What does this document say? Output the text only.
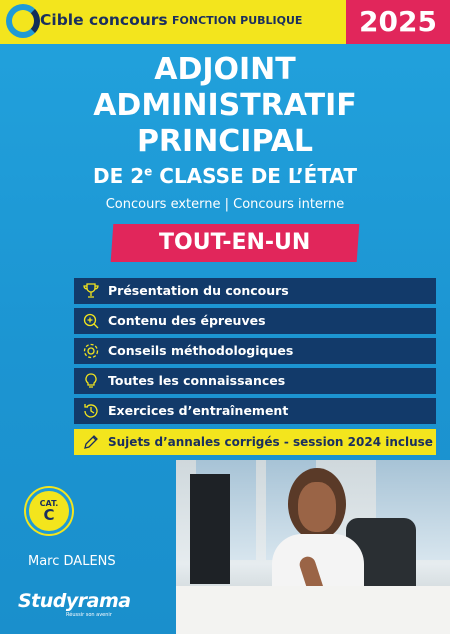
Cible concours FONCTION PUBLIQUE	2025
ADJOINT
ADMINISTRATIF
PRINCIPAL
DE 2e CLASSE DE L’ÉTAT
Concours externe | Concours interne
TOUT-EN-UN
Présentation du concours
Contenu des épreuves
Conseils méthodologiques
Toutes les connaissances
Exercices d’entraînement
Sujets d’annales corrigés - session 2024 incluse
CAT.
C
Marc DALENS
Studyrama
Réussir son avenir
